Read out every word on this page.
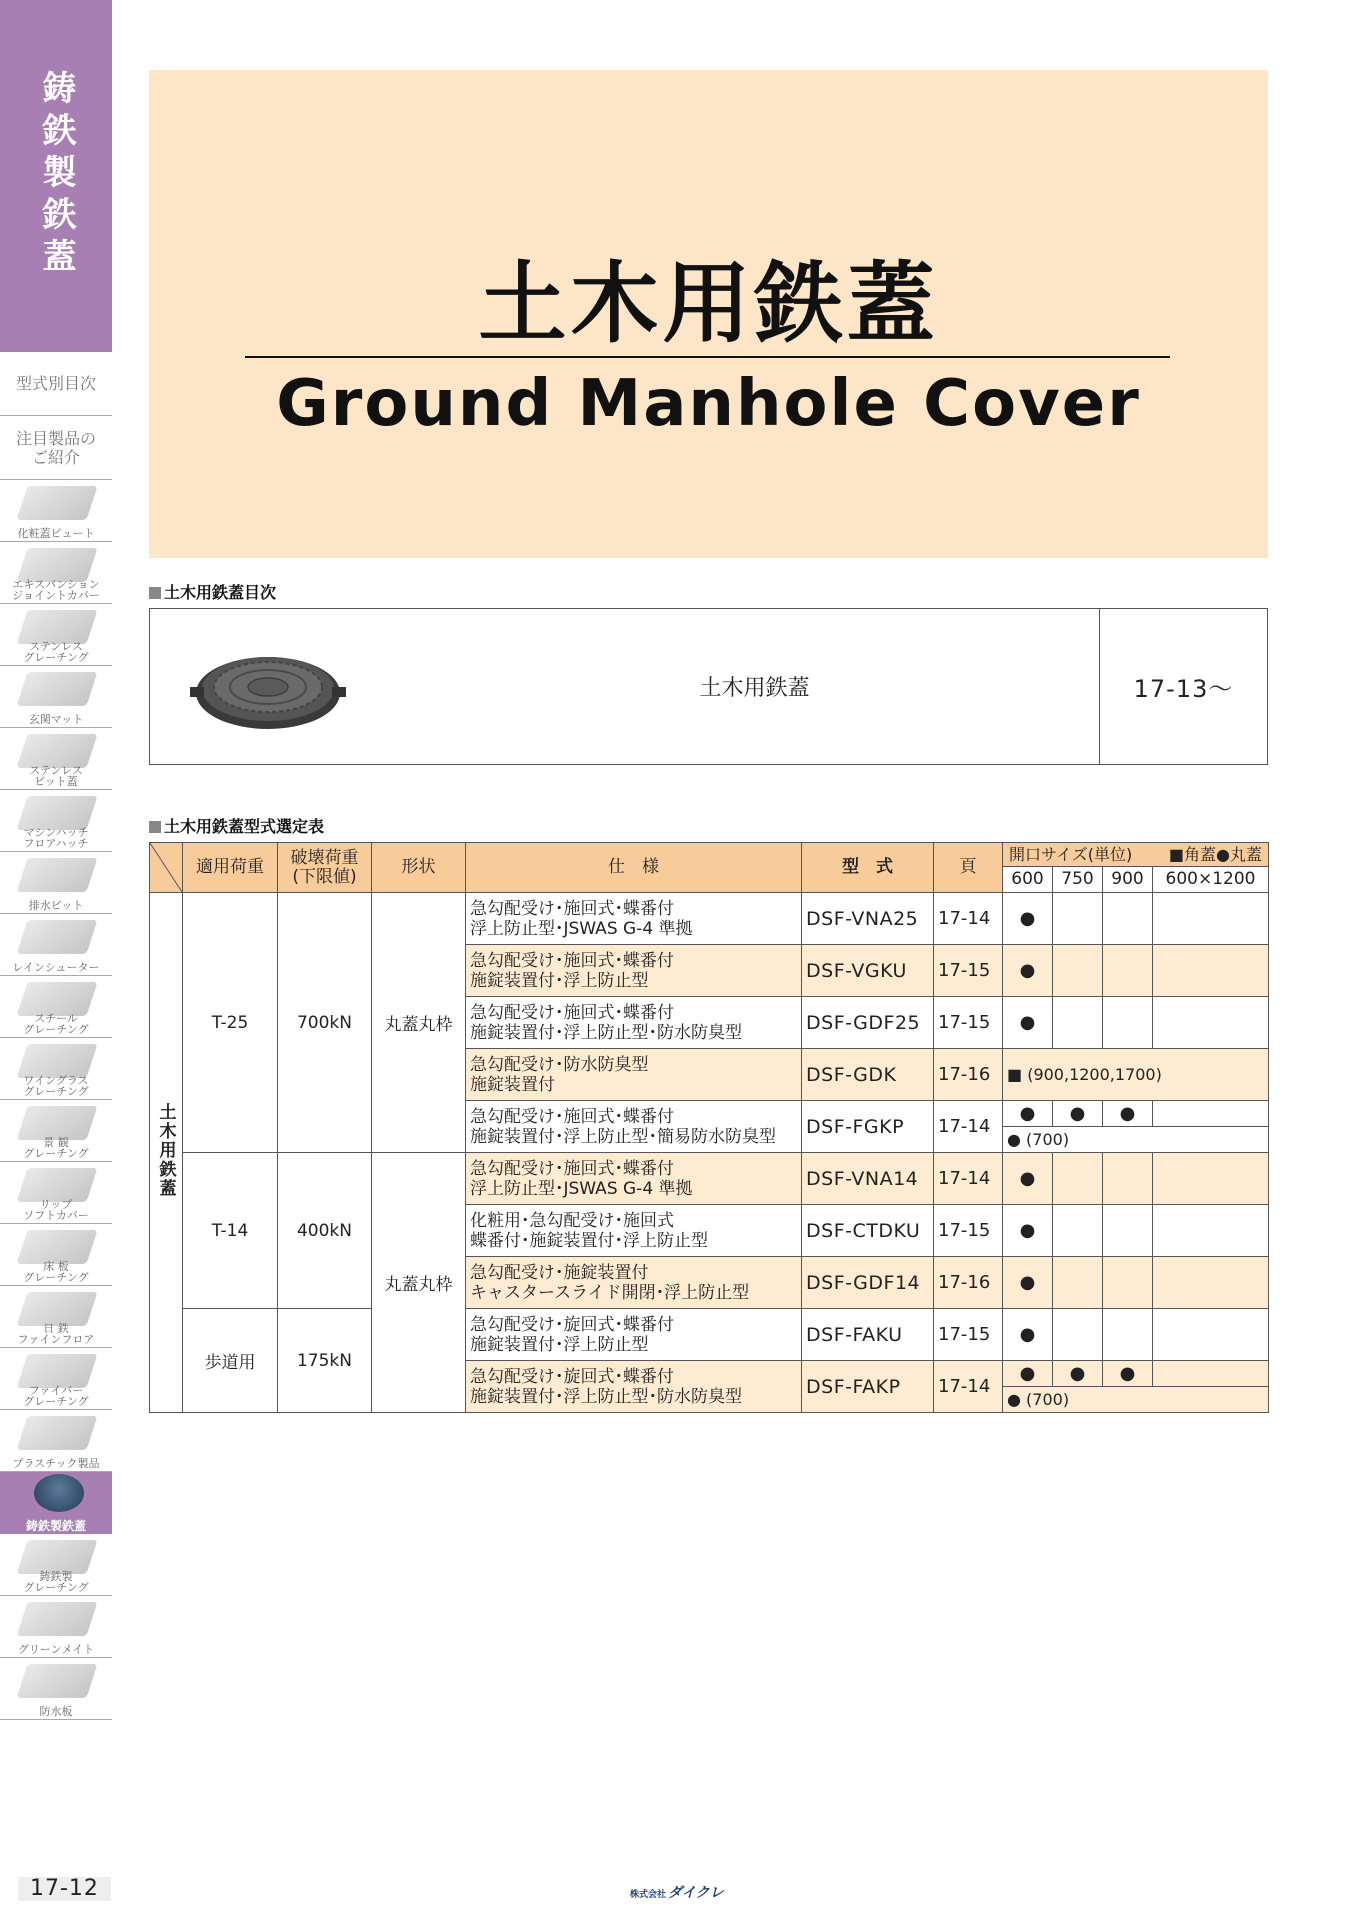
鋳鉄製鉄蓋
型式別目次
注目製品の
ご紹介
化粧蓋ピュート
エキスパンション
ジョイントカバー
ステンレス
グレーチング
玄関マット
ステンレス
ピット蓋
マシンハッチ
フロアハッチ
排水ピット
レインシューター
スチール
グレーチング
ワイングラス
グレーチング
景 観
グレーチング
リップ
ソフトカバー
床 板
グレーチング
日 鉄
ファインフロア
ファイバー
グレーチング
プラスチック製品
鋳鉄製鉄蓋
鋳鉄製
グレーチング
グリーンメイト
防水板
土木用鉄蓋
Ground Manhole Cover
土木用鉄蓋目次
土木用鉄蓋	17-13〜
土木用鉄蓋型式選定表
	適用荷重	破壊荷重
(下限値)	形状	仕　様	型　式	頁	開口サイズ(単位) ■角蓋●丸蓋			

							600	750	900	600×1200
土木用鉄蓋	T-25	700kN	丸蓋丸枠	急勾配受け･施回式･蝶番付
浮上防止型･JSWAS G-4 準拠	DSF-VNA25	17-14	●			
				急勾配受け･施回式･蝶番付
施錠装置付･浮上防止型	DSF-VGKU	17-15	●			
				急勾配受け･施回式･蝶番付
施錠装置付･浮上防止型･防水防臭型	DSF-GDF25	17-15	●			
				急勾配受け･防水防臭型
施錠装置付	DSF-GDK	17-16	■ (900,1200,1700)			
				急勾配受け･施回式･蝶番付
施錠装置付･浮上防止型･簡易防水防臭型	DSF-FGKP	17-14	●	●	●	
							● (700)			
	T-14	400kN	丸蓋丸枠	急勾配受け･施回式･蝶番付
浮上防止型･JSWAS G-4 準拠	DSF-VNA14	17-14	●			
				化粧用･急勾配受け･施回式
蝶番付･施錠装置付･浮上防止型	DSF-CTDKU	17-15	●			
				急勾配受け･施錠装置付
キャスタースライド開閉･浮上防止型	DSF-GDF14	17-16	●			
	歩道用	175kN		急勾配受け･旋回式･蝶番付
施錠装置付･浮上防止型	DSF-FAKU	17-15	●			
				急勾配受け･旋回式･蝶番付
施錠装置付･浮上防止型･防水防臭型	DSF-FAKP	17-14	●	●	●	
							● (700)			
17-12	株式会社 ダイクレ
